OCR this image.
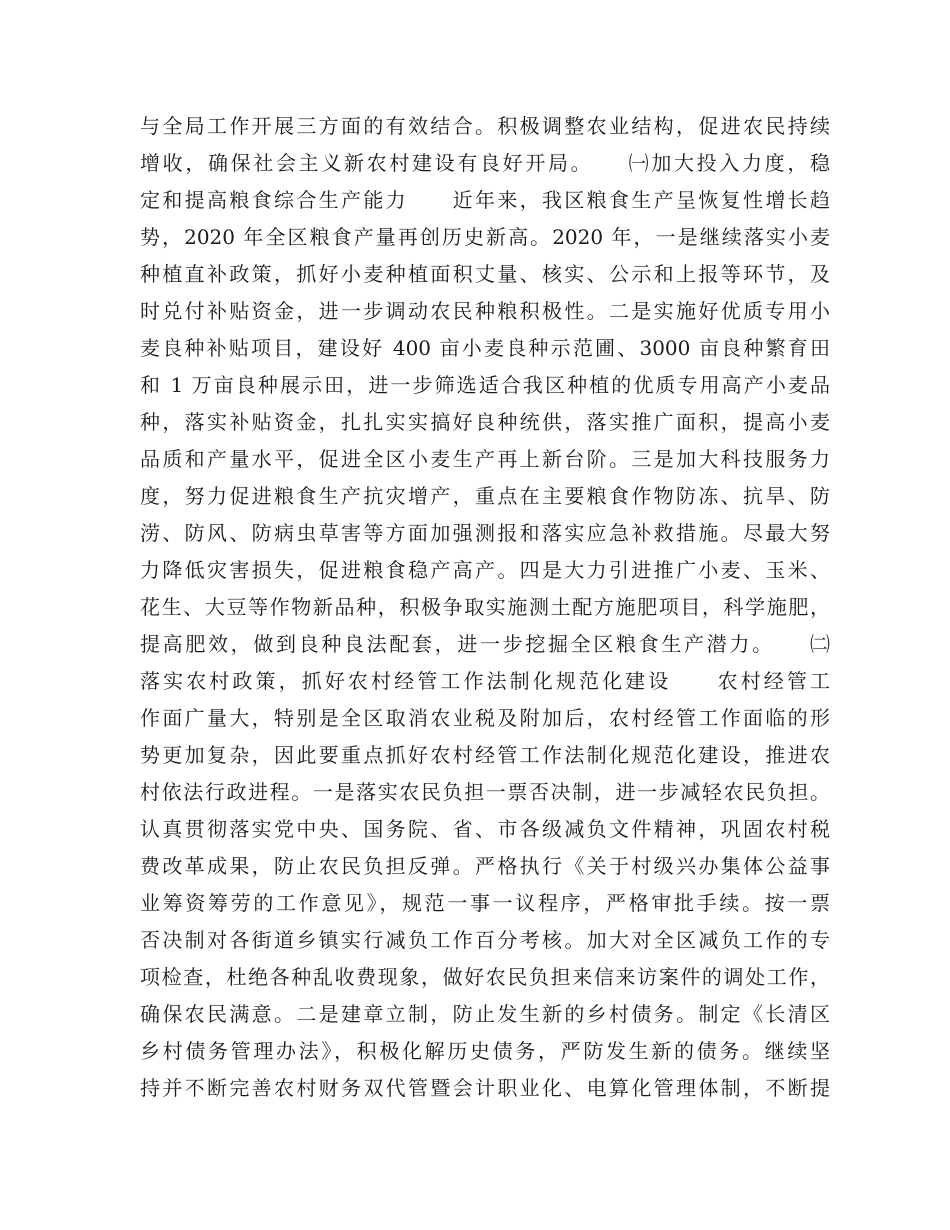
与全局工作开展三方面的有效结合。积极调整农业结构，促进农民持续
增收，确保社会主义新农村建设有良好开局。　　㈠加大投入力度，稳
定和提高粮食综合生产能力　　近年来，我区粮食生产呈恢复性增长趋
势，2020 年全区粮食产量再创历史新高。2020 年，一是继续落实小麦
种植直补政策，抓好小麦种植面积丈量、核实、公示和上报等环节，及
时兑付补贴资金，进一步调动农民种粮积极性。二是实施好优质专用小
麦良种补贴项目，建设好 400 亩小麦良种示范圃、3000 亩良种繁育田
和 1 万亩良种展示田，进一步筛选适合我区种植的优质专用高产小麦品
种，落实补贴资金，扎扎实实搞好良种统供，落实推广面积，提高小麦
品质和产量水平，促进全区小麦生产再上新台阶。三是加大科技服务力
度，努力促进粮食生产抗灾增产，重点在主要粮食作物防冻、抗旱、防
涝、防风、防病虫草害等方面加强测报和落实应急补救措施。尽最大努
力降低灾害损失，促进粮食稳产高产。四是大力引进推广小麦、玉米、
花生、大豆等作物新品种，积极争取实施测土配方施肥项目，科学施肥，
提高肥效，做到良种良法配套，进一步挖掘全区粮食生产潜力。　　㈡
落实农村政策，抓好农村经管工作法制化规范化建设　　农村经管工
作面广量大，特别是全区取消农业税及附加后，农村经管工作面临的形
势更加复杂，因此要重点抓好农村经管工作法制化规范化建设，推进农
村依法行政进程。一是落实农民负担一票否决制，进一步减轻农民负担。
认真贯彻落实党中央、国务院、省、市各级减负文件精神，巩固农村税
费改革成果，防止农民负担反弹。严格执行《关于村级兴办集体公益事
业筹资筹劳的工作意见》，规范一事一议程序，严格审批手续。按一票
否决制对各街道乡镇实行减负工作百分考核。加大对全区减负工作的专
项检查，杜绝各种乱收费现象，做好农民负担来信来访案件的调处工作，
确保农民满意。二是建章立制，防止发生新的乡村债务。制定《长清区
乡村债务管理办法》，积极化解历史债务，严防发生新的债务。继续坚
持并不断完善农村财务双代管暨会计职业化、电算化管理体制，不断提
